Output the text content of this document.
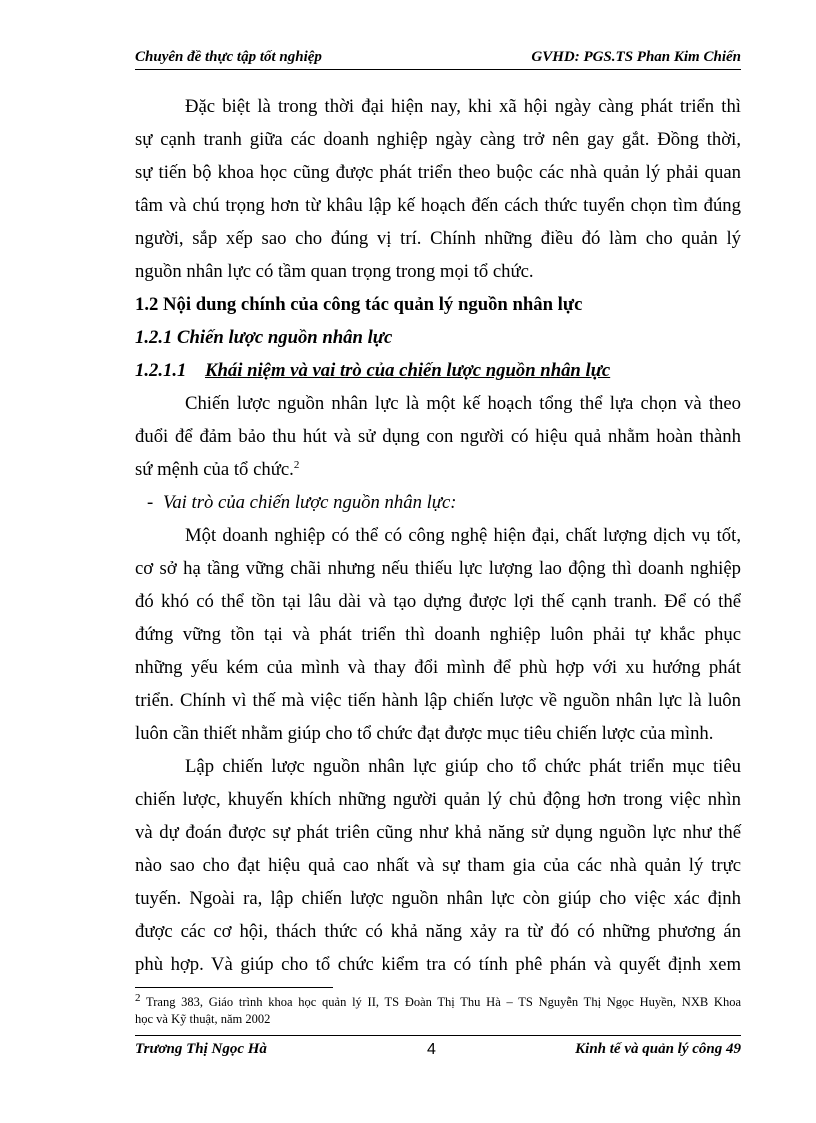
Chuyên đề thực tập tốt nghiệp	GVHD: PGS.TS Phan Kim Chiến

Đặc biệt là trong thời đại hiện nay, khi xã hội ngày càng phát triển thì
sự cạnh tranh giữa các doanh nghiệp ngày càng trở nên gay gắt. Đồng thời,
sự tiến bộ khoa học cũng được phát triển theo buộc các nhà quản lý phải quan
tâm và chú trọng hơn từ khâu lập kế hoạch đến cách thức tuyển chọn tìm đúng
người, sắp xếp sao cho đúng vị trí. Chính những điều đó làm cho quản lý
nguồn nhân lực có tầm quan trọng trong mọi tổ chức.

1.2 Nội dung chính của công tác quản lý nguồn nhân lực
1.2.1 Chiến lược nguồn nhân lực
1.2.1.1 Khái niệm và vai trò của chiến lược nguồn nhân lực

Chiến lược nguồn nhân lực là một kế hoạch tổng thể lựa chọn và theo
đuổi để đảm bảo thu hút và sử dụng con người có hiệu quả nhằm hoàn thành
sứ mệnh của tổ chức.$^2$

- Vai trò của chiến lược nguồn nhân lực:

Một doanh nghiệp có thể có công nghệ hiện đại, chất lượng dịch vụ tốt,
cơ sở hạ tầng vững chãi nhưng nếu thiếu lực lượng lao động thì doanh nghiệp
đó khó có thể tồn tại lâu dài và tạo dựng được lợi thế cạnh tranh. Để có thể
đứng vững tồn tại và phát triển thì doanh nghiệp luôn phải tự khắc phục
những yếu kém của mình và thay đổi mình để phù hợp với xu hướng phát
triển. Chính vì thế mà việc tiến hành lập chiến lược về nguồn nhân lực là luôn
luôn cần thiết nhằm giúp cho tổ chức đạt được mục tiêu chiến lược của mình.

Lập chiến lược nguồn nhân lực giúp cho tổ chức phát triển mục tiêu
chiến lược, khuyến khích những người quản lý chủ động hơn trong việc nhìn
và dự đoán được sự phát triên cũng như khả năng sử dụng nguồn lực như thế
nào sao cho đạt hiệu quả cao nhất và sự tham gia của các nhà quản lý trực
tuyến. Ngoài ra, lập chiến lược nguồn nhân lực còn giúp cho việc xác định
được các cơ hội, thách thức có khả năng xảy ra từ đó có những phương án
phù hợp. Và giúp cho tổ chức kiểm tra có tính phê phán và quyết định xem

$^2$ Trang 383, Giáo trình khoa học quản lý II, TS Đoàn Thị Thu Hà – TS Nguyễn Thị Ngọc Huyền, NXB Khoa
học và Kỹ thuật, năm 2002
Trương Thị Ngọc Hà	4	Kinh tế và quản lý công 49
